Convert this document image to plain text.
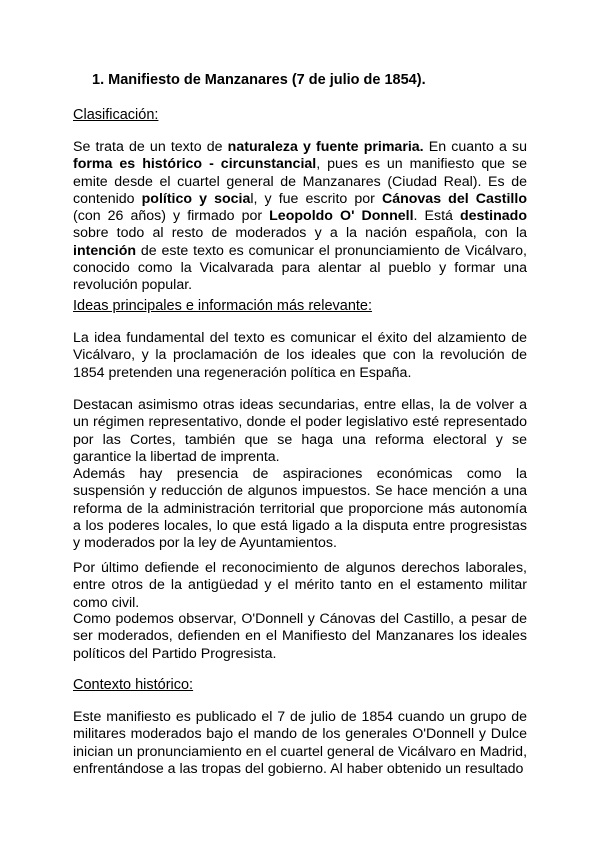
1. Manifiesto de Manzanares (7 de julio de 1854).
Clasificación:

Se trata de un texto de naturaleza y fuente primaria. En cuanto a su forma es histórico - circunstancial, pues es un manifiesto que se emite desde el cuartel general de Manzanares (Ciudad Real). Es de contenido político y social, y fue escrito por Cánovas del Castillo (con 26 años) y firmado por Leopoldo O' Donnell. Está destinado sobre todo al resto de moderados y a la nación española, con la intención de este texto es comunicar el pronunciamiento de Vicálvaro, conocido como la Vicalvarada para alentar al pueblo y formar una revolución popular.

Ideas principales e información más relevante:

La idea fundamental del texto es comunicar el éxito del alzamiento de Vicálvaro, y la proclamación de los ideales que con la revolución de 1854 pretenden una regeneración política en España.

Destacan asimismo otras ideas secundarias, entre ellas, la de volver a un régimen representativo, donde el poder legislativo esté representado por las Cortes, también que se haga una reforma electoral y se garantice la libertad de imprenta.

Además hay presencia de aspiraciones económicas como la suspensión y reducción de algunos impuestos. Se hace mención a una reforma de la administración territorial que proporcione más autonomía a los poderes locales, lo que está ligado a la disputa entre progresistas y moderados por la ley de Ayuntamientos.

Por último defiende el reconocimiento de algunos derechos laborales, entre otros de la antigüedad y el mérito tanto en el estamento militar como civil.

Como podemos observar, O'Donnell y Cánovas del Castillo, a pesar de ser moderados, defienden en el Manifiesto del Manzanares los ideales políticos del Partido Progresista.

Contexto histórico:

Este manifiesto es publicado el 7 de julio de 1854 cuando un grupo de militares moderados bajo el mando de los generales O'Donnell y Dulce inician un pronunciamiento en el cuartel general de Vicálvaro en Madrid, enfrentándose a las tropas del gobierno. Al haber obtenido un resultado
